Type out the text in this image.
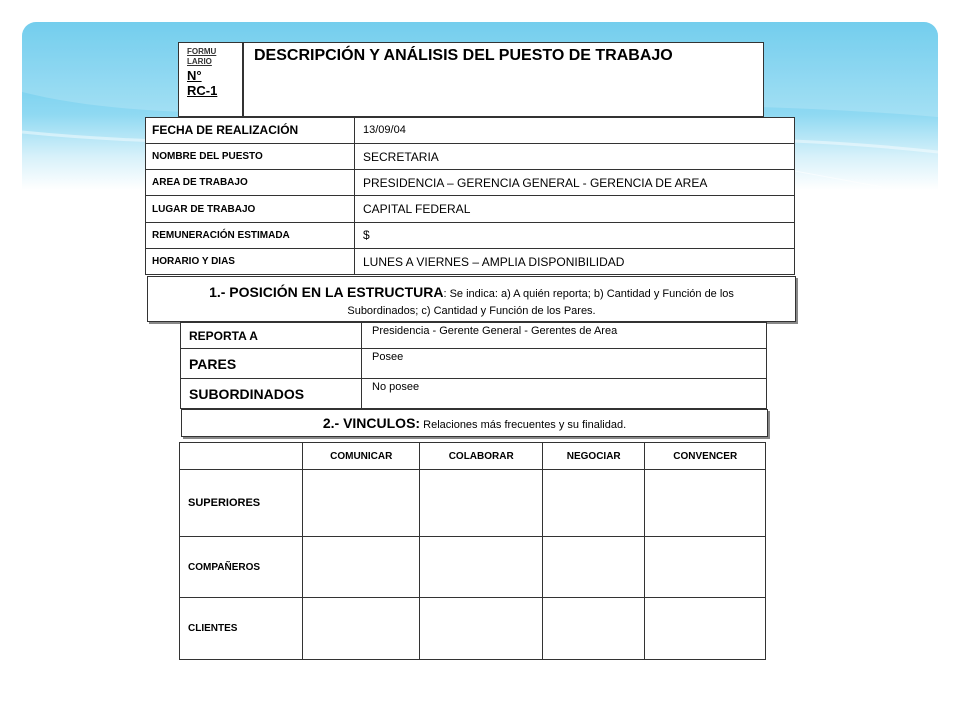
FORMU
LARIO
N°
RC-1
DESCRIPCIÓN Y ANÁLISIS DEL PUESTO DE TRABAJO
FECHA DE REALIZACIÓN	13/09/04
NOMBRE DEL PUESTO	SECRETARIA
AREA DE TRABAJO	PRESIDENCIA – GERENCIA GENERAL - GERENCIA DE AREA
LUGAR DE TRABAJO	CAPITAL FEDERAL
REMUNERACIÓN ESTIMADA	$
HORARIO Y DIAS	LUNES A VIERNES – AMPLIA DISPONIBILIDAD
1.- POSICIÓN EN LA ESTRUCTURA: Se indica: a) A quién reporta; b) Cantidad y Función de los
Subordinados; c) Cantidad y Función de los Pares.
REPORTA A	Presidencia - Gerente General - Gerentes de Area
PARES	Posee
SUBORDINADOS	No posee
2.- VINCULOS: Relaciones más frecuentes y su finalidad.
	COMUNICAR	COLABORAR	NEGOCIAR	CONVENCER
SUPERIORES				
COMPAÑEROS				
CLIENTES				
